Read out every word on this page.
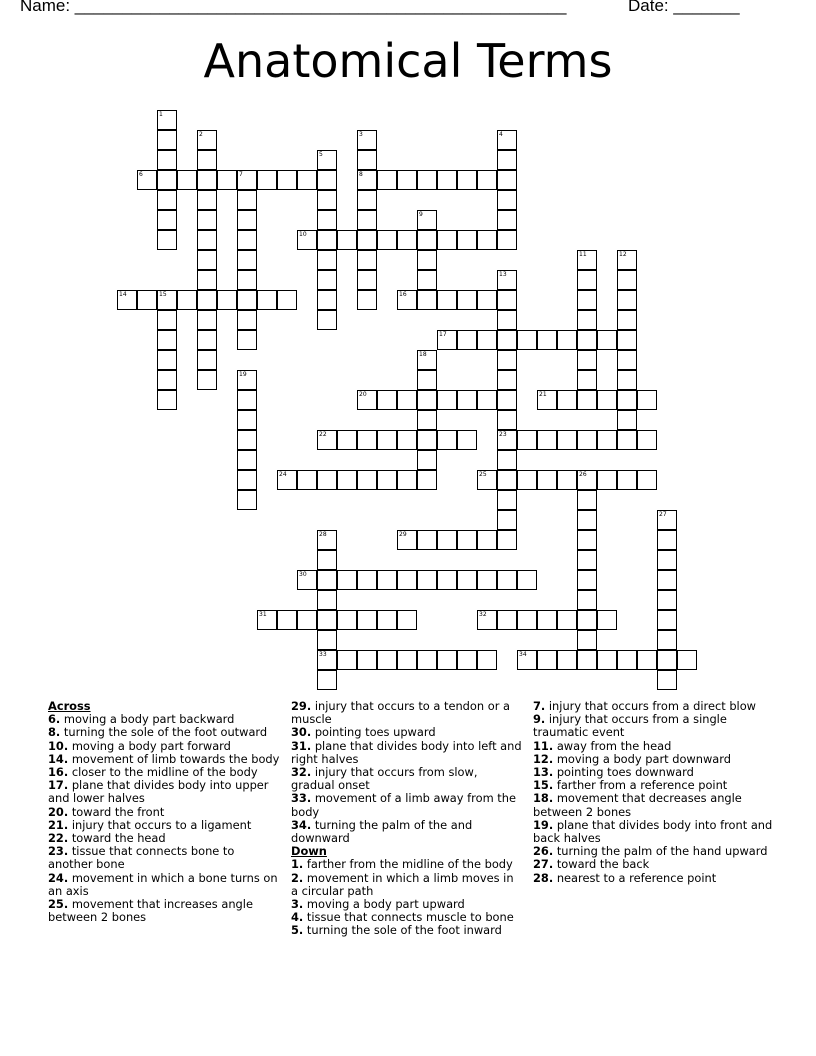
Name: ____________________________________________________	Date: _______
Anatomical Terms
1
2	3	4
5
6	7	8
9
10
11	12
13
14	15	16
17
18
19
20	21
22	23
24	25	26
27
28	29
30
31	32
33	34
Across
6. moving a body part backward
8. turning the sole of the foot outward
10. moving a body part forward
14. movement of limb towards the body
16. closer to the midline of the body
17. plane that divides body into upper and lower halves
20. toward the front
21. injury that occurs to a ligament
22. toward the head
23. tissue that connects bone to another bone
24. movement in which a bone turns on an axis
25. movement that increases angle between 2 bones
29. injury that occurs to a tendon or a muscle
30. pointing toes upward
31. plane that divides body into left and right halves
32. injury that occurs from slow, gradual onset
33. movement of a limb away from the body
34. turning the palm of the and downward
Down
1. farther from the midline of the body
2. movement in which a limb moves in a circular path
3. moving a body part upward
4. tissue that connects muscle to bone
5. turning the sole of the foot inward
7. injury that occurs from a direct blow
9. injury that occurs from a single traumatic event
11. away from the head
12. moving a body part downward
13. pointing toes downward
15. farther from a reference point
18. movement that decreases angle between 2 bones
19. plane that divides body into front and back halves
26. turning the palm of the hand upward
27. toward the back
28. nearest to a reference point
